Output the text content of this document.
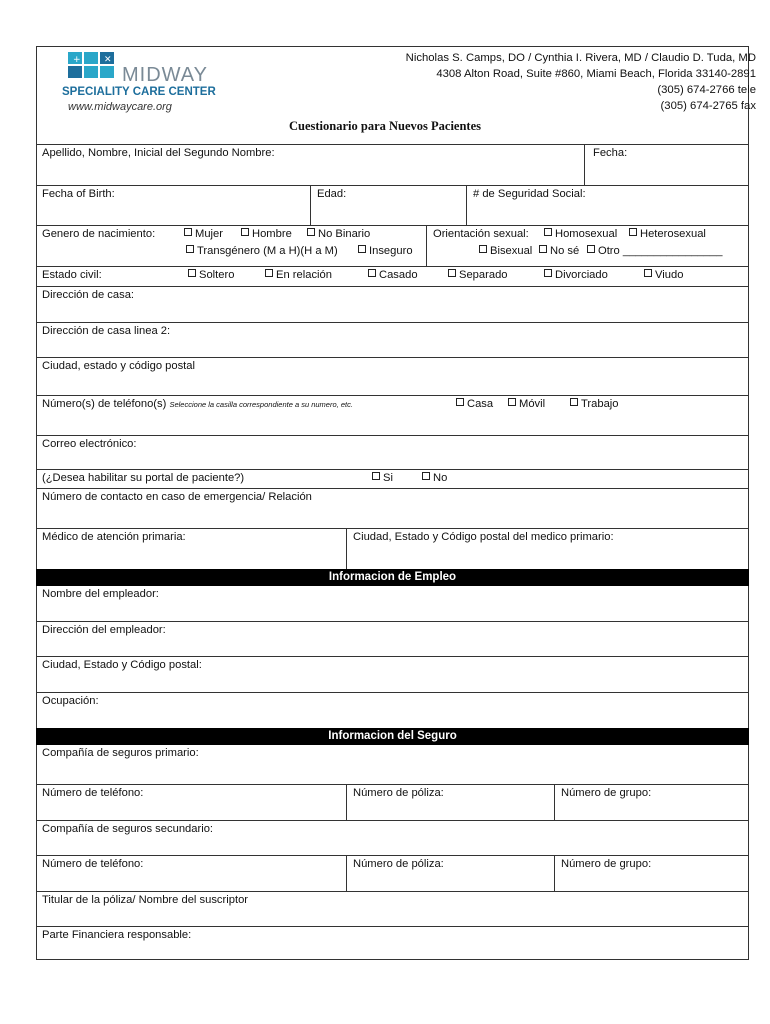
+	✕
MIDWAY
SPECIALITY CARE CENTER
www.midwaycare.org
Nicholas S. Camps, DO / Cynthia I. Rivera, MD / Claudio D. Tuda, MD
4308 Alton Road, Suite #860, Miami Beach, Florida 33140-2891
(305) 674-2766 tele
(305) 674-2765 fax
Cuestionario para Nuevos Pacientes
Apellido, Nombre, Inicial del Segundo Nombre:	Fecha:
Fecha of Birth:	Edad:	# de Seguridad Social:
Genero de nacimiento:	Mujer	Hombre	No Binario
Transgénero (M a H)(H a M)	Inseguro
Orientación sexual:	Homosexual	Heterosexual
Bisexual	No sé	Otro ________________
Estado civil:	Soltero	En relación	Casado	Separado	Divorciado	Viudo
Dirección de casa:
Dirección de casa linea 2:
Ciudad, estado y código postal
Número(s) de teléfono(s) Seleccione la casilla correspondiente a su numero, etc.	Casa	Móvil	Trabajo
Correo electrónico:
(¿Desea habilitar su portal de paciente?)	Si	No
Número de contacto en caso de emergencia/ Relación
Médico de atención primaria:	Ciudad, Estado y Código postal del medico primario:
Informacion de Empleo
Nombre del empleador:
Dirección del empleador:
Ciudad, Estado y Código postal:
Ocupación:
Informacion del Seguro
Compañía de seguros primario:
Número de teléfono:	Número de póliza:	Número de grupo:
Compañía de seguros secundario:
Número de teléfono:	Número de póliza:	Número de grupo:
Titular de la póliza/ Nombre del suscriptor
Parte Financiera responsable:
